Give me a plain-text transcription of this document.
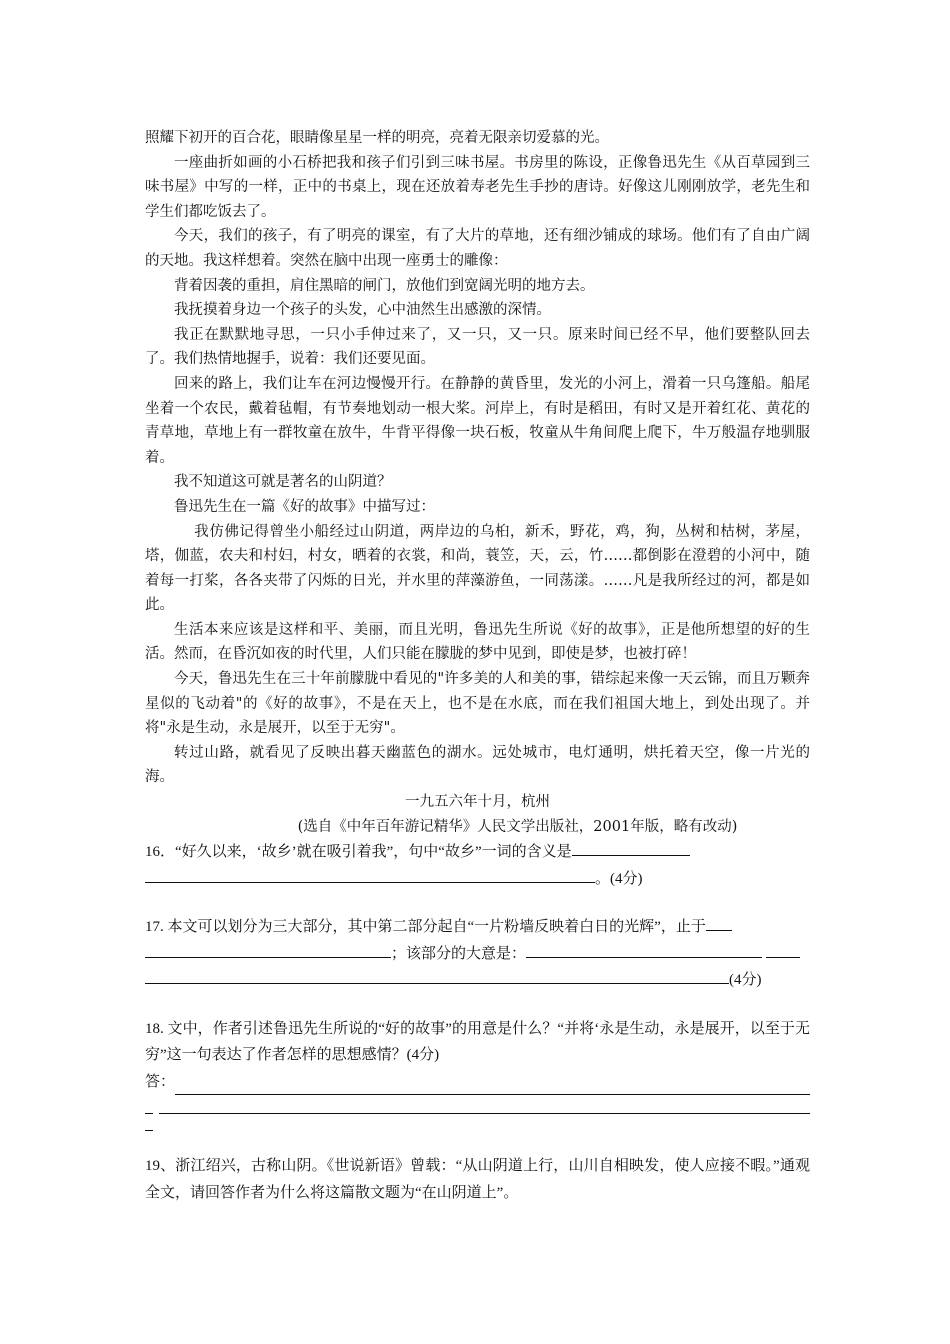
照耀下初开的百合花，眼睛像星星一样的明亮，亮着无限亲切爱慕的光。

一座曲折如画的小石桥把我和孩子们引到三味书屋。书房里的陈设，正像鲁迅先生《从百草园到三味书屋》中写的一样，正中的书桌上，现在还放着寿老先生手抄的唐诗。好像这儿刚刚放学，老先生和学生们都吃饭去了。

今天，我们的孩子，有了明亮的课室，有了大片的草地，还有细沙铺成的球场。他们有了自由广阔的天地。我这样想着。突然在脑中出现一座勇士的雕像：

背着因袭的重担，肩住黑暗的闸门，放他们到宽阔光明的地方去。

我抚摸着身边一个孩子的头发，心中油然生出感激的深情。

我正在默默地寻思，一只小手伸过来了，又一只，又一只。原来时间已经不早，他们要整队回去了。我们热情地握手，说着：我们还要见面。

回来的路上，我们让车在河边慢慢开行。在静静的黄昏里，发光的小河上，滑着一只乌篷船。船尾坐着一个农民，戴着毡帽，有节奏地划动一根大桨。河岸上，有时是稻田，有时又是开着红花、黄花的青草地，草地上有一群牧童在放牛，牛背平得像一块石板，牧童从牛角间爬上爬下，牛万般温存地驯服着。

我不知道这可就是著名的山阴道？

鲁迅先生在一篇《好的故事》中描写过：

我仿佛记得曾坐小船经过山阴道，两岸边的乌桕，新禾，野花，鸡，狗，丛树和枯树，茅屋，塔，伽蓝，农夫和村妇，村女，晒着的衣裳，和尚，蓑笠，天，云，竹……都倒影在澄碧的小河中，随着每一打桨，各各夹带了闪烁的日光，并水里的萍藻游鱼，一同荡漾。……凡是我所经过的河，都是如此。

生活本来应该是这样和平、美丽，而且光明，鲁迅先生所说《好的故事》，正是他所想望的好的生活。然而，在昏沉如夜的时代里，人们只能在朦胧的梦中见到，即使是梦，也被打碎！

今天，鲁迅先生在三十年前朦胧中看见的"许多美的人和美的事，错综起来像一天云锦，而且万颗奔星似的飞动着"的《好的故事》，不是在天上，也不是在水底，而在我们祖国大地上，到处出现了。并将"永是生动，永是展开，以至于无穷"。

转过山路，就看见了反映出暮天幽蓝色的湖水。远处城市，电灯通明，烘托着天空，像一片光的海。

一九五六年十月，杭州

(选自《中年百年游记精华》人民文学出版社，2001年版，略有改动)

16．“好久以来，‘故乡’就在吸引着我”，句中“故乡”一词的含义是

。(4分)

17. 本文可以划分为三大部分，其中第二部分起自“一片粉墙反映着白日的光辉”，止于

；该部分的大意是：

(4分)

18. 文中，作者引述鲁迅先生所说的“好的故事”的用意是什么？“并将‘永是生动，永是展开，以至于无穷”这一句表达了作者怎样的思想感情？(4分)

答：

19、浙江绍兴，古称山阴。《世说新语》曾载：“从山阴道上行，山川自相映发，使人应接不暇。”通观全文，请回答作者为什么将这篇散文题为“在山阴道上”。
